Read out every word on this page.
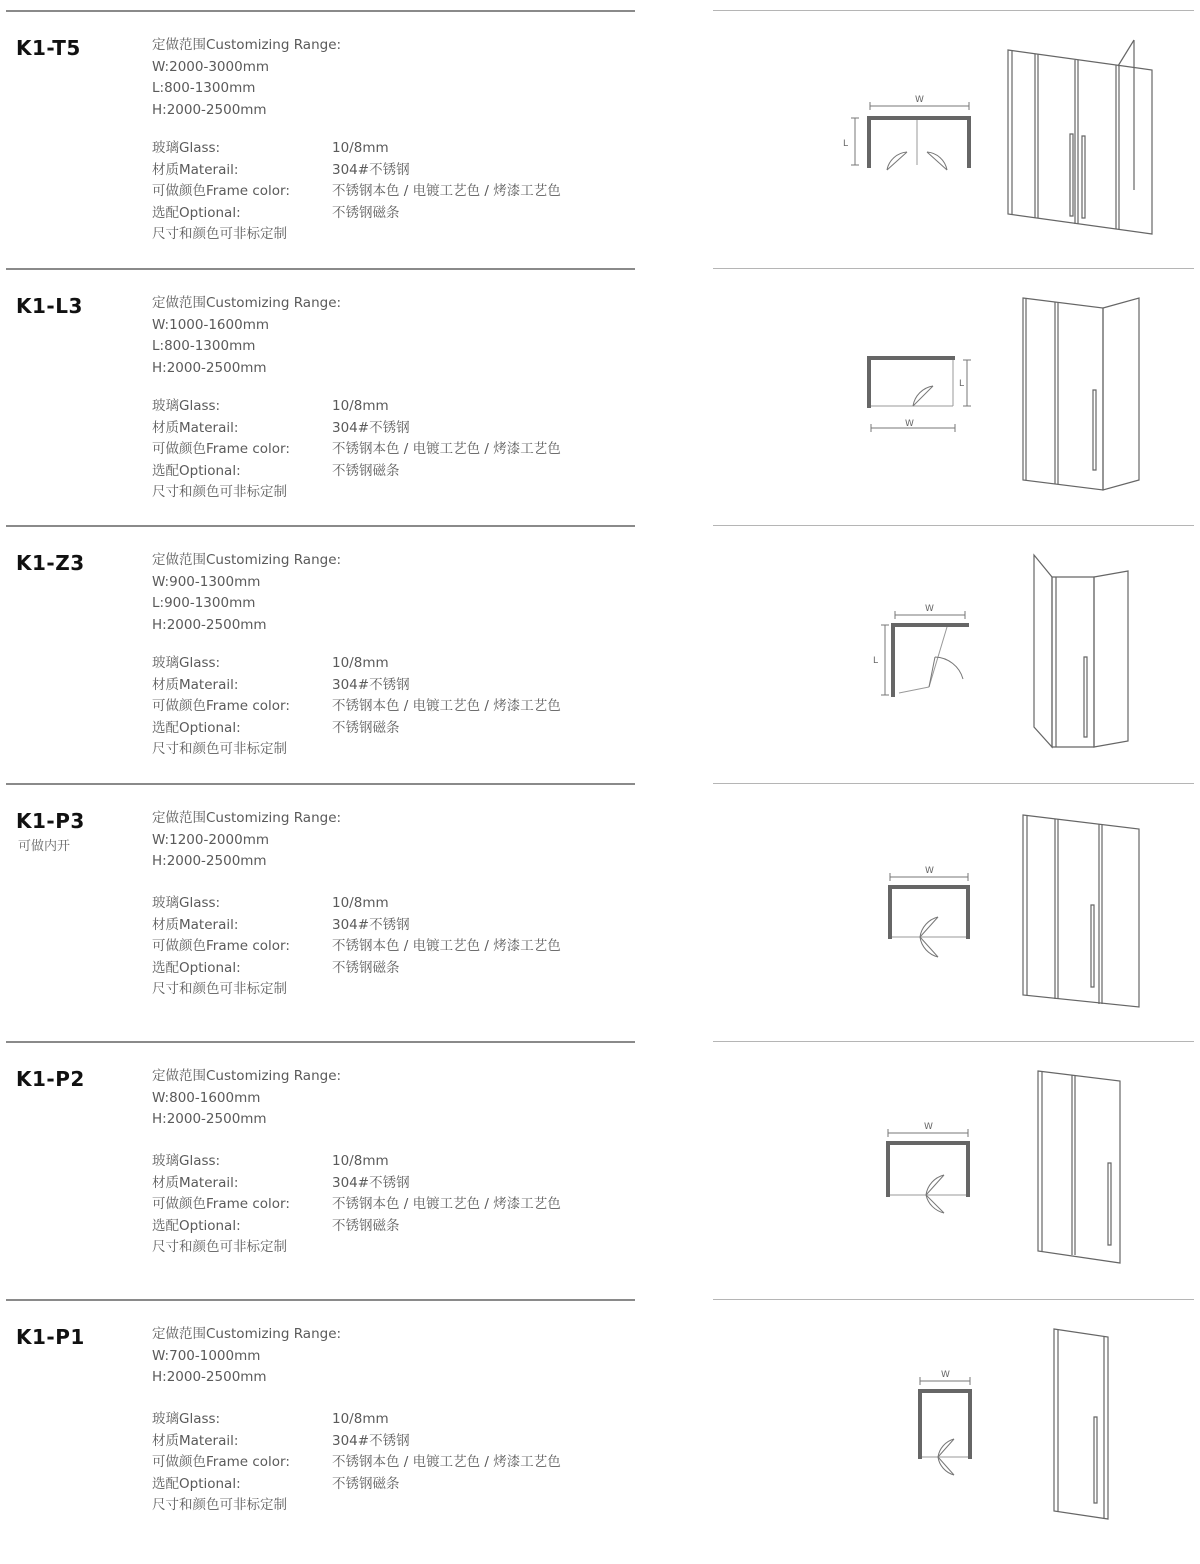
K1-T5	定做范围Customizing Range:
W:2000-3000mm
L:800-1300mm
H:2000-2500mm
玻璃Glass:	10/8mm
材质Materail:	304#不锈钢
可做颜色Frame color:	不锈钢本色 / 电镀工艺色 / 烤漆工艺色
选配Optional:	不锈钢磁条
尺寸和颜色可非标定制
W
L
K1-L3	定做范围Customizing Range:
W:1000-1600mm
L:800-1300mm
H:2000-2500mm
玻璃Glass:	10/8mm
材质Materail:	304#不锈钢
可做颜色Frame color:	不锈钢本色 / 电镀工艺色 / 烤漆工艺色
选配Optional:	不锈钢磁条
尺寸和颜色可非标定制
W
L
K1-Z3	定做范围Customizing Range:
W:900-1300mm
L:900-1300mm
H:2000-2500mm
玻璃Glass:	10/8mm
材质Materail:	304#不锈钢
可做颜色Frame color:	不锈钢本色 / 电镀工艺色 / 烤漆工艺色
选配Optional:	不锈钢磁条
尺寸和颜色可非标定制
W
L
K1-P3
可做内开
定做范围Customizing Range:
W:1200-2000mm
H:2000-2500mm
玻璃Glass:	10/8mm
材质Materail:	304#不锈钢
可做颜色Frame color:	不锈钢本色 / 电镀工艺色 / 烤漆工艺色
选配Optional:	不锈钢磁条
尺寸和颜色可非标定制
W
K1-P2	定做范围Customizing Range:
W:800-1600mm
H:2000-2500mm
玻璃Glass:	10/8mm
材质Materail:	304#不锈钢
可做颜色Frame color:	不锈钢本色 / 电镀工艺色 / 烤漆工艺色
选配Optional:	不锈钢磁条
尺寸和颜色可非标定制
W
K1-P1	定做范围Customizing Range:
W:700-1000mm
H:2000-2500mm
玻璃Glass:	10/8mm
材质Materail:	304#不锈钢
可做颜色Frame color:	不锈钢本色 / 电镀工艺色 / 烤漆工艺色
选配Optional:	不锈钢磁条
尺寸和颜色可非标定制
W
